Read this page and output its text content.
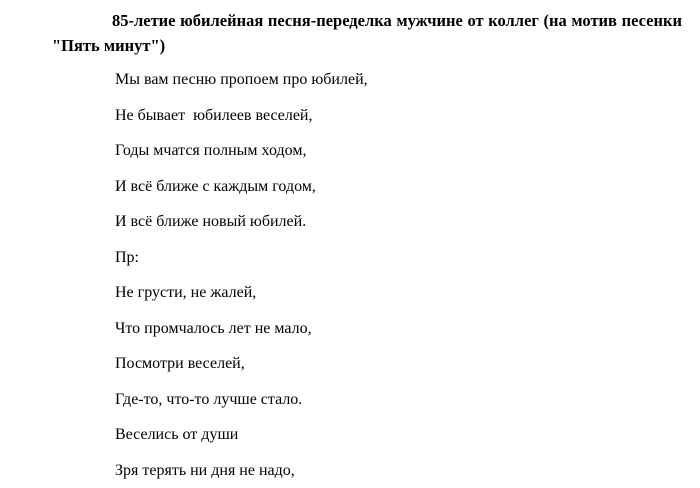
85-летие юбилейная песня-переделка мужчине от коллег (на мотив песенки "Пять минут")

Мы вам песню пропоем про юбилей,
Не бывает  юбилеев веселей,
Годы мчатся полным ходом,
И всё ближе с каждым годом,
И всё ближе новый юбилей.
Пр:
Не грусти, не жалей,
Что промчалось лет не мало,
Посмотри веселей,
Где-то, что-то лучше стало.
Веселись от души
Зря терять ни дня не надо,
